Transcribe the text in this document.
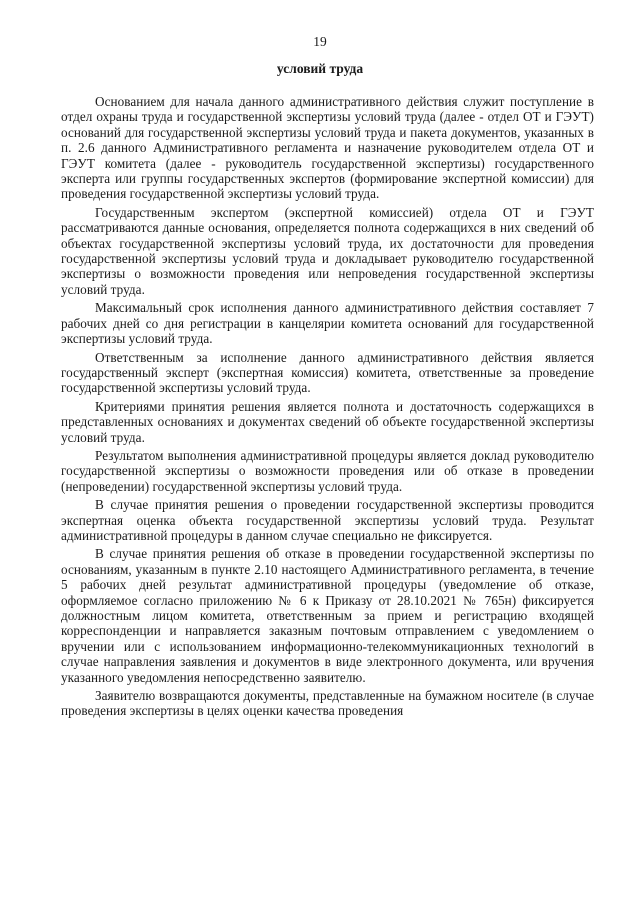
19
условий труда

Основанием для начала данного административного действия служит поступление в отдел охраны труда и государственной экспертизы условий труда (далее - отдел ОТ и ГЭУТ) оснований для государственной экспертизы условий труда и пакета документов, указанных в п. 2.6 данного Административного регламента и назначение руководителем отдела ОТ и ГЭУТ комитета (далее - руководитель государственной экспертизы) государственного эксперта или группы государственных экспертов (формирование экспертной комиссии) для проведения государственной экспертизы условий труда.

Государственным экспертом (экспертной комиссией) отдела ОТ и ГЭУТ рассматриваются данные основания, определяется полнота содержащихся в них сведений об объектах государственной экспертизы условий труда, их достаточности для проведения государственной экспертизы условий труда и докладывает руководителю государственной экспертизы о возможности проведения или непроведения государственной экспертизы условий труда.

Максимальный срок исполнения данного административного действия составляет 7 рабочих дней со дня регистрации в канцелярии комитета оснований для государственной экспертизы условий труда.

Ответственным за исполнение данного административного действия является государственный эксперт (экспертная комиссия) комитета, ответственные за проведение государственной экспертизы условий труда.

Критериями принятия решения является полнота и достаточность содержащихся в представленных основаниях и документах сведений об объекте государственной экспертизы условий труда.

Результатом выполнения административной процедуры является доклад руководителю государственной экспертизы о возможности проведения или об отказе в проведении (непроведении) государственной экспертизы условий труда.

В случае принятия решения о проведении государственной экспертизы проводится экспертная оценка объекта государственной экспертизы условий труда. Результат административной процедуры в данном случае специально не фиксируется.

В случае принятия решения об отказе в проведении государственной экспертизы по основаниям, указанным в пункте 2.10 настоящего Административного регламента, в течение 5 рабочих дней результат административной процедуры (уведомление об отказе, оформляемое согласно приложению № 6 к Приказу от 28.10.2021 № 765н) фиксируется должностным лицом комитета, ответственным за прием и регистрацию входящей корреспонденции и направляется заказным почтовым отправлением с уведомлением о вручении или с использованием информационно-телекоммуникационных технологий в случае направления заявления и документов в виде электронного документа, или вручения указанного уведомления непосредственно заявителю.

Заявителю возвращаются документы, представленные на бумажном носителе (в случае проведения экспертизы в целях оценки качества проведения
